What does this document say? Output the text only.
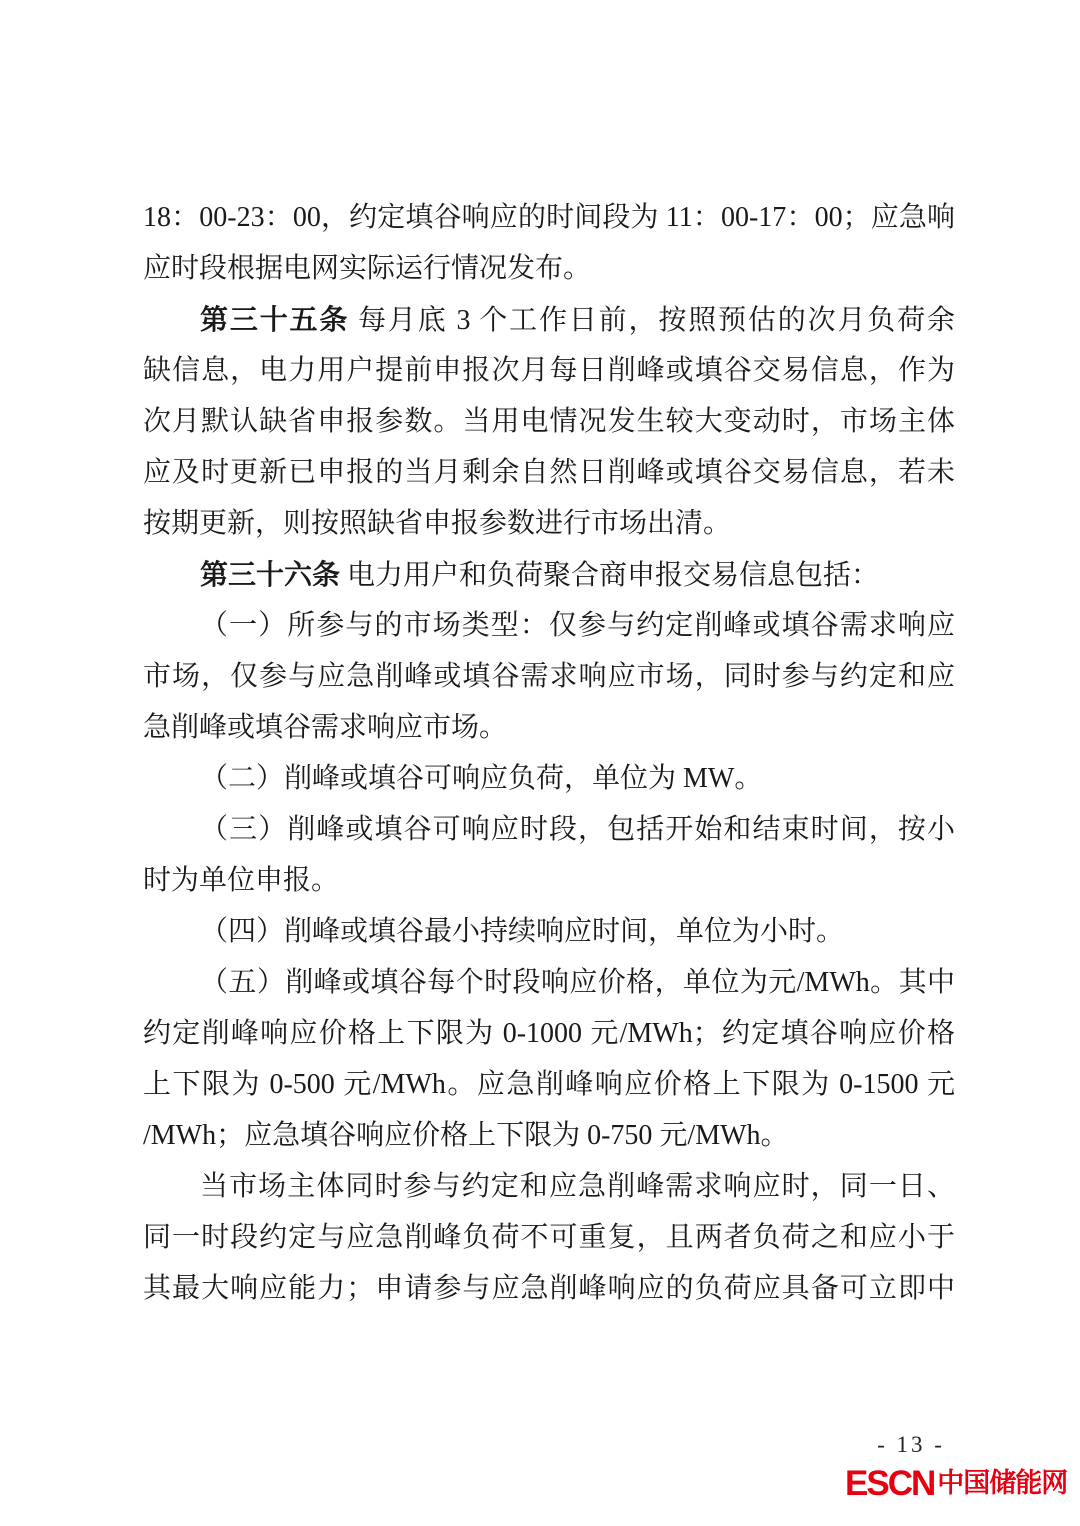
18：00-23：00，约定填谷响应的时间段为 11：00-17：00；应急响
应时段根据电网实际运行情况发布。
第三十五条 每月底 3 个工作日前，按照预估的次月负荷余
缺信息，电力用户提前申报次月每日削峰或填谷交易信息，作为
次月默认缺省申报参数。当用电情况发生较大变动时，市场主体
应及时更新已申报的当月剩余自然日削峰或填谷交易信息，若未
按期更新，则按照缺省申报参数进行市场出清。
第三十六条 电力用户和负荷聚合商申报交易信息包括：
（一）所参与的市场类型：仅参与约定削峰或填谷需求响应
市场，仅参与应急削峰或填谷需求响应市场，同时参与约定和应
急削峰或填谷需求响应市场。
（二）削峰或填谷可响应负荷，单位为 MW。
（三）削峰或填谷可响应时段，包括开始和结束时间，按小
时为单位申报。
（四）削峰或填谷最小持续响应时间，单位为小时。
（五）削峰或填谷每个时段响应价格，单位为元/MWh。其中
约定削峰响应价格上下限为 0-1000 元/MWh；约定填谷响应价格
上下限为 0-500 元/MWh。应急削峰响应价格上下限为 0-1500 元
/MWh；应急填谷响应价格上下限为 0-750 元/MWh。
当市场主体同时参与约定和应急削峰需求响应时，同一日、
同一时段约定与应急削峰负荷不可重复，且两者负荷之和应小于
其最大响应能力；申请参与应急削峰响应的负荷应具备可立即中
- 13 -
ESCN 中国储能网
